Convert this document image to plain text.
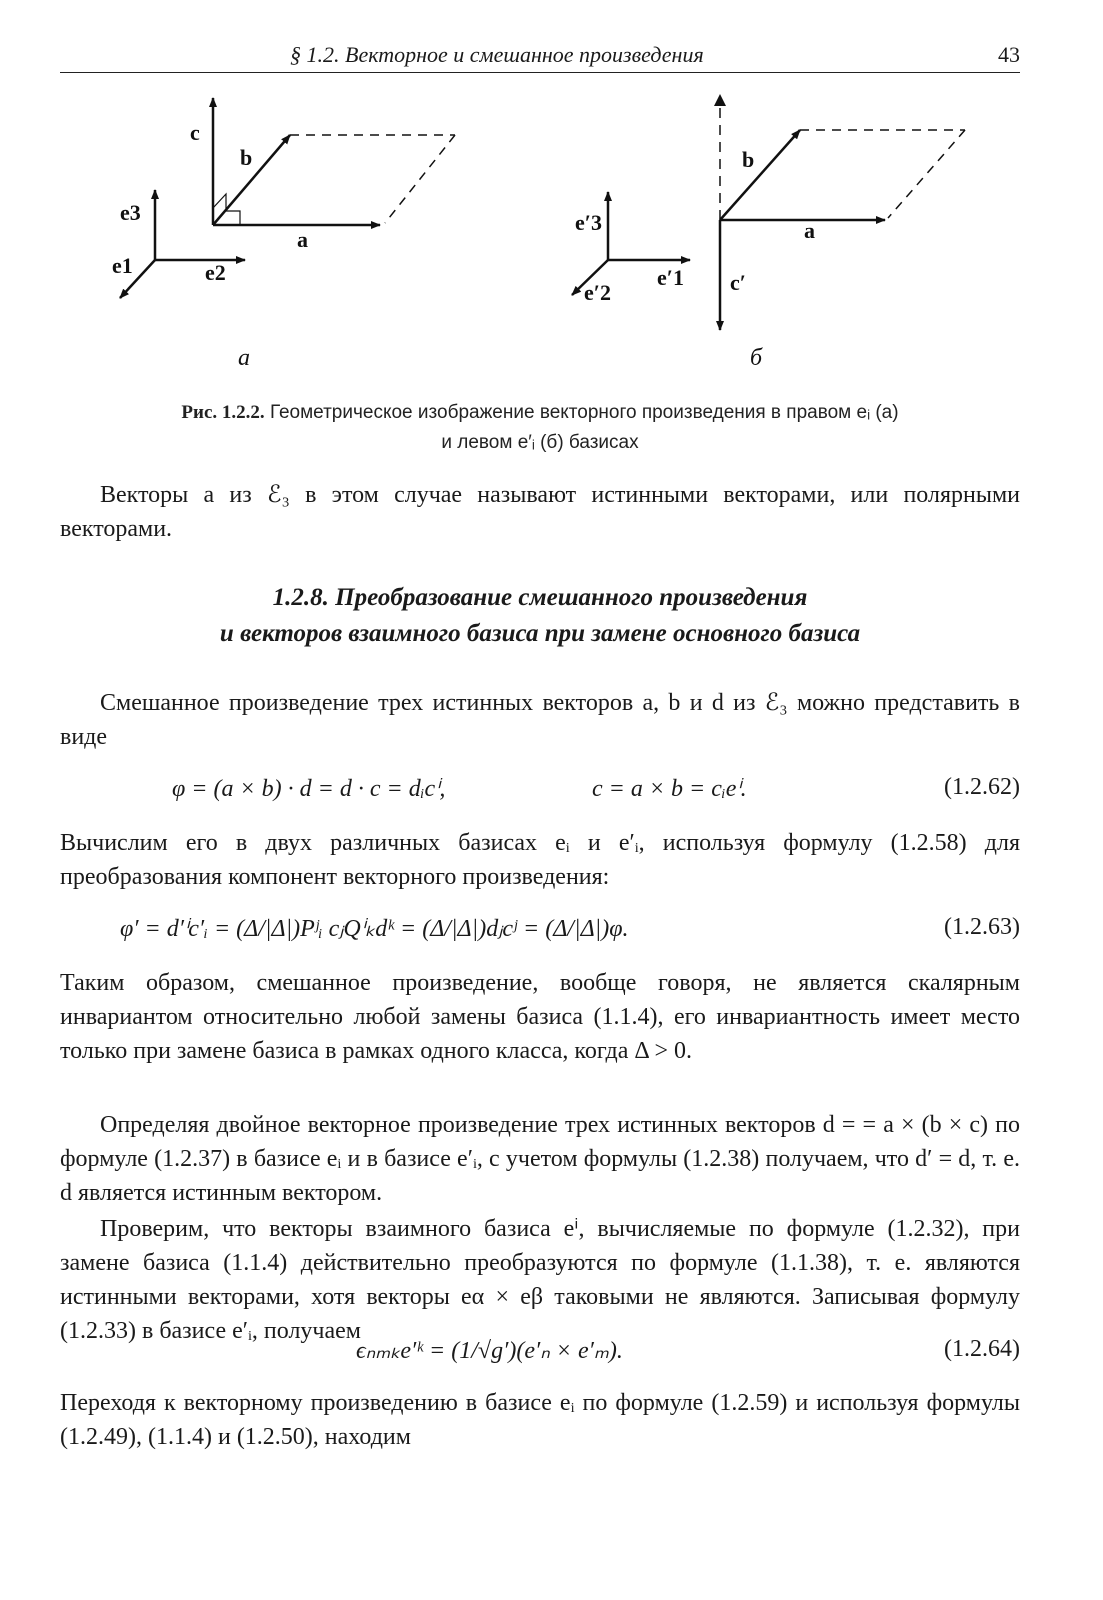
§ 1.2. Векторное и смешанное произведения	43
c
b
a
e3
e1	e2
а
b
a
c′
e′3
e′2
e′1
б
Рис. 1.2.2. Геометрическое изображение векторного произведения в правом eᵢ (а)
и левом e′ᵢ (б) базисах
Векторы a из ℰ₃ в этом случае называют истинными векторами, или полярными векторами.
1.2.8. Преобразование смешанного произведения
и векторов взаимного базиса при замене основного базиса
Смешанное произведение трех истинных векторов a, b и d из ℰ₃ можно представить в виде
φ = (a × b) · d = d · c = dᵢcⁱ,	c = a × b = cᵢeⁱ.	(1.2.62)
Вычислим его в двух различных базисах eᵢ и e′ᵢ, используя формулу (1.2.58) для преобразования компонент векторного произведения:
φ′ = d′ⁱc′ᵢ = (Δ/|Δ|)Pʲᵢ cⱼQⁱₖdᵏ = (Δ/|Δ|)dⱼcʲ = (Δ/|Δ|)φ.	(1.2.63)
Таким образом, смешанное произведение, вообще говоря, не является скалярным инвариантом относительно любой замены базиса (1.1.4), его инвариантность имеет место только при замене базиса в рамках одного класса, когда Δ > 0.
Определяя двойное векторное произведение трех истинных векторов d = = a × (b × c) по формуле (1.2.37) в базисе eᵢ и в базисе e′ᵢ, с учетом формулы (1.2.38) получаем, что d′ = d, т. е. d является истинным вектором.
Проверим, что векторы взаимного базиса eⁱ, вычисляемые по формуле (1.2.32), при замене базиса (1.1.4) действительно преобразуются по формуле (1.1.38), т. е. являются истинными векторами, хотя векторы eα × eβ таковыми не являются. Записывая формулу (1.2.33) в базисе e′ᵢ, получаем
ϵₙₘₖe′ᵏ = (1/√g′)(e′ₙ × e′ₘ).	(1.2.64)
Переходя к векторному произведению в базисе eᵢ по формуле (1.2.59) и используя формулы (1.2.49), (1.1.4) и (1.2.50), находим
